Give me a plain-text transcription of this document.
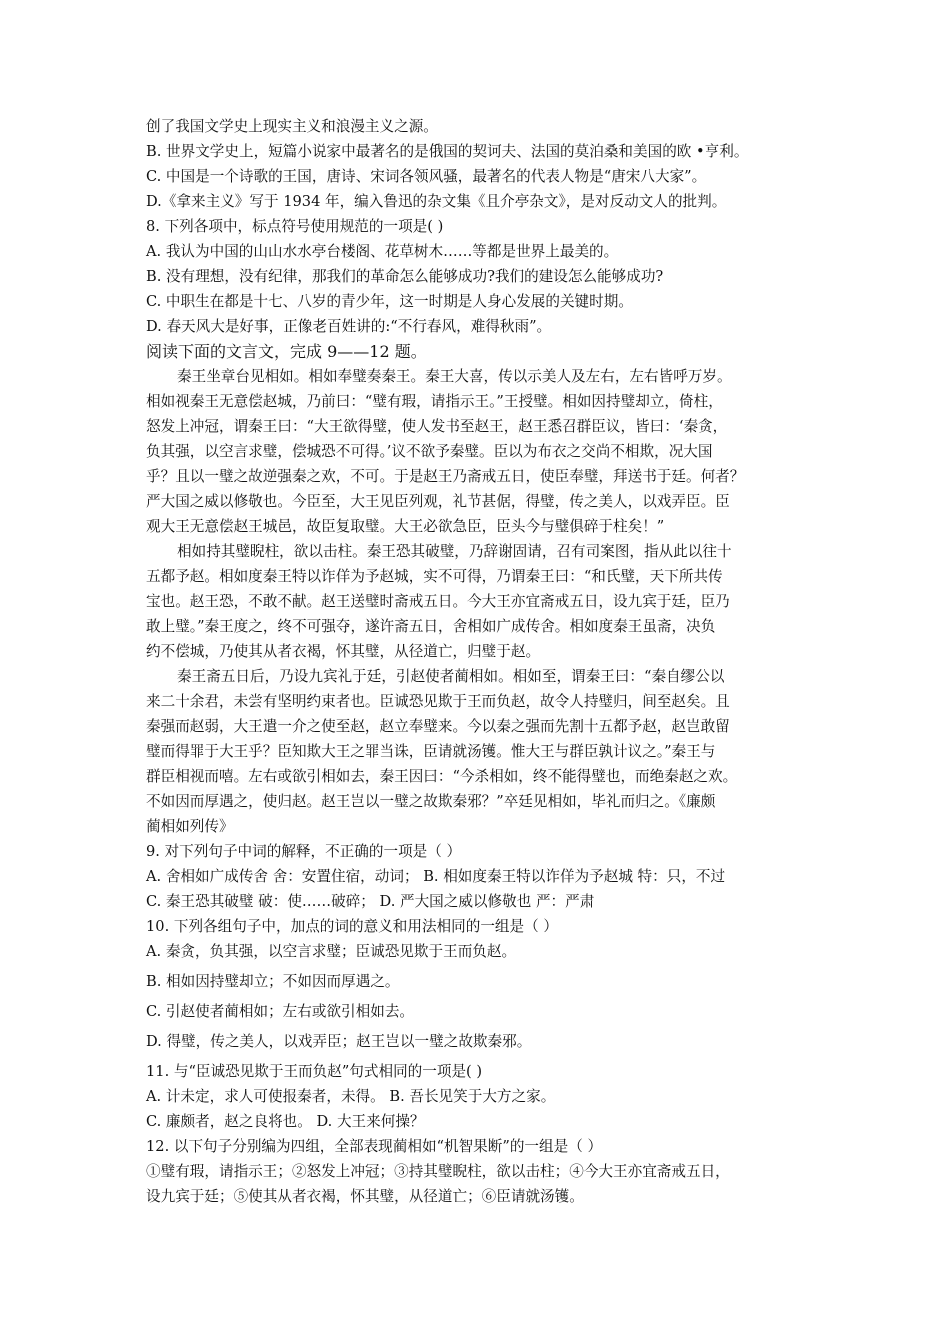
创了我国文学史上现实主义和浪漫主义之源。
B. 世界文学史上，短篇小说家中最著名的是俄国的契诃夫、法国的莫泊桑和美国的欧 •亨利。
C. 中国是一个诗歌的王国，唐诗、宋词各领风骚，最著名的代表人物是“唐宋八大家”。
D.《拿来主义》写于 1934 年，编入鲁迅的杂文集《且介亭杂文》，是对反动文人的批判。
8. 下列各项中，标点符号使用规范的一项是( )
A. 我认为中国的山山水水亭台楼阁、花草树木……等都是世界上最美的。
B. 没有理想，没有纪律，那我们的革命怎么能够成功?我们的建设怎么能够成功?
C. 中职生在都是十七、八岁的青少年，这一时期是人身心发展的关键时期。
D. 春天风大是好事，正像老百姓讲的:“不行春风，难得秋雨”。
阅读下面的文言文，完成 9——12 题。
秦王坐章台见相如。相如奉璧奏秦王。秦王大喜，传以示美人及左右，左右皆呼万岁。
相如视秦王无意偿赵城，乃前曰：“璧有瑕，请指示王。”王授璧。相如因持璧却立，倚柱，
怒发上冲冠，谓秦王曰：“大王欲得璧，使人发书至赵王，赵王悉召群臣议，皆曰：‘秦贪，
负其强，以空言求璧，偿城恐不可得。’议不欲予秦璧。臣以为布衣之交尚不相欺，况大国
乎？且以一璧之故逆强秦之欢，不可。于是赵王乃斋戒五日，使臣奉璧，拜送书于廷。何者？
严大国之威以修敬也。今臣至，大王见臣列观，礼节甚倨，得璧，传之美人，以戏弄臣。臣
观大王无意偿赵王城邑，故臣复取璧。大王必欲急臣，臣头今与璧俱碎于柱矣！”
相如持其璧睨柱，欲以击柱。秦王恐其破璧，乃辞谢固请，召有司案图，指从此以往十
五都予赵。相如度秦王特以诈佯为予赵城，实不可得，乃谓秦王曰：“和氏璧，天下所共传
宝也。赵王恐，不敢不献。赵王送璧时斋戒五日。今大王亦宜斋戒五日，设九宾于廷，臣乃
敢上璧。”秦王度之，终不可强夺，遂许斋五日，舍相如广成传舍。相如度秦王虽斋，决负
约不偿城，乃使其从者衣褐，怀其璧，从径道亡，归璧于赵。
秦王斋五日后，乃设九宾礼于廷，引赵使者蔺相如。相如至，谓秦王曰：“秦自缪公以
来二十余君，未尝有坚明约束者也。臣诚恐见欺于王而负赵，故令人持璧归，间至赵矣。且
秦强而赵弱，大王遣一介之使至赵，赵立奉璧来。今以秦之强而先割十五都予赵，赵岂敢留
璧而得罪于大王乎？臣知欺大王之罪当诛，臣请就汤镬。惟大王与群臣孰计议之。”秦王与
群臣相视而嘻。左右或欲引相如去，秦王因曰：“今杀相如，终不能得璧也，而绝秦赵之欢。
不如因而厚遇之，使归赵。赵王岂以一璧之故欺秦邪？”卒廷见相如，毕礼而归之。《廉颇
蔺相如列传》
9. 对下列句子中词的解释，不正确的一项是（ ）
A. 舍相如广成传舍 舍：安置住宿，动词； B. 相如度秦王特以诈佯为予赵城 特：只，不过
C. 秦王恐其破璧 破：使……破碎； D. 严大国之威以修敬也 严：严肃
10. 下列各组句子中，加点的词的意义和用法相同的一组是（ ）
A. 秦贪，负其强，以空言求璧；臣诚恐见欺于王而负赵。
B. 相如因持璧却立；不如因而厚遇之。
C. 引赵使者蔺相如；左右或欲引相如去。
D. 得璧，传之美人，以戏弄臣；赵王岂以一璧之故欺秦邪。
11. 与“臣诚恐见欺于王而负赵”句式相同的一项是( )
A. 计未定，求人可使报秦者，未得。 B. 吾长见笑于大方之家。
C. 廉颇者，赵之良将也。 D. 大王来何操？
12. 以下句子分别编为四组，全部表现蔺相如“机智果断”的一组是（ ）
①璧有瑕，请指示王；②怒发上冲冠；③持其璧睨柱，欲以击柱；④今大王亦宜斋戒五日，
设九宾于廷；⑤使其从者衣褐，怀其璧，从径道亡；⑥臣请就汤镬。
